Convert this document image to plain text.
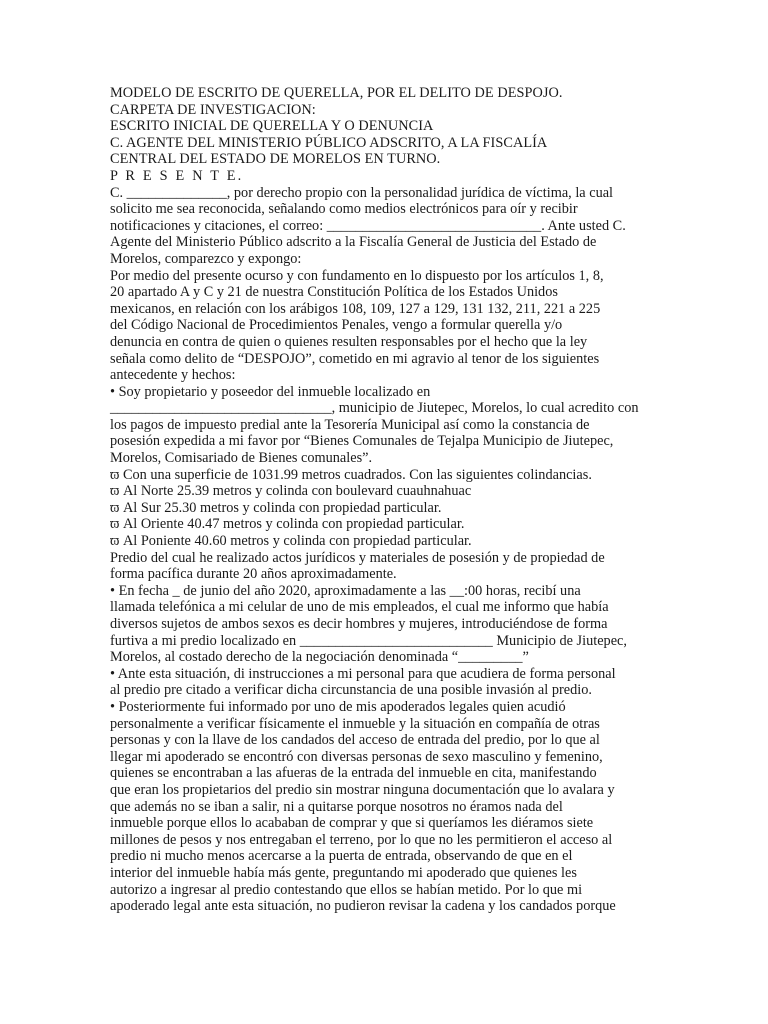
MODELO DE ESCRITO DE QUERELLA, POR EL DELITO DE DESPOJO.
CARPETA DE INVESTIGACION:
ESCRITO INICIAL DE QUERELLA Y O DENUNCIA
C. AGENTE DEL MINISTERIO PÚBLICO ADSCRITO, A LA FISCALÍA
CENTRAL DEL ESTADO DE MORELOS EN TURNO.
P R E S E N T E.
C. ______________, por derecho propio con la personalidad jurídica de víctima, la cual
solicito me sea reconocida, señalando como medios electrónicos para oír y recibir
notificaciones y citaciones, el correo: ______________________________. Ante usted C.
Agente del Ministerio Público adscrito a la Fiscalía General de Justicia del Estado de
Morelos, comparezco y expongo:
Por medio del presente ocurso y con fundamento en lo dispuesto por los artículos 1, 8,
20 apartado A y C y 21 de nuestra Constitución Política de los Estados Unidos
mexicanos, en relación con los arábigos 108, 109, 127 a 129, 131 132, 211, 221 a 225
del Código Nacional de Procedimientos Penales, vengo a formular querella y/o
denuncia en contra de quien o quienes resulten responsables por el hecho que la ley
señala como delito de “DESPOJO”, cometido en mi agravio al tenor de los siguientes
antecedente y hechos:
• Soy propietario y poseedor del inmueble localizado en
_______________________________, municipio de Jiutepec, Morelos, lo cual acredito con
los pagos de impuesto predial ante la Tesorería Municipal así como la constancia de
posesión expedida a mi favor por “Bienes Comunales de Tejalpa Municipio de Jiutepec,
Morelos, Comisariado de Bienes comunales”.
ϖ Con una superficie de 1031.99 metros cuadrados. Con las siguientes colindancias.
ϖ Al Norte 25.39 metros y colinda con boulevard cuauhnahuac
ϖ Al Sur 25.30 metros y colinda con propiedad particular.
ϖ Al Oriente 40.47 metros y colinda con propiedad particular.
ϖ Al Poniente 40.60 metros y colinda con propiedad particular.
Predio del cual he realizado actos jurídicos y materiales de posesión y de propiedad de
forma pacífica durante 20 años aproximadamente.
• En fecha _ de junio del año 2020, aproximadamente a las __:00 horas, recibí una
llamada telefónica a mi celular de uno de mis empleados, el cual me informo que había
diversos sujetos de ambos sexos es decir hombres y mujeres, introduciéndose de forma
furtiva a mi predio localizado en ___________________________ Municipio de Jiutepec,
Morelos, al costado derecho de la negociación denominada “_________”
• Ante esta situación, di instrucciones a mi personal para que acudiera de forma personal
al predio pre citado a verificar dicha circunstancia de una posible invasión al predio.
• Posteriormente fui informado por uno de mis apoderados legales quien acudió
personalmente a verificar físicamente el inmueble y la situación en compañía de otras
personas y con la llave de los candados del acceso de entrada del predio, por lo que al
llegar mi apoderado se encontró con diversas personas de sexo masculino y femenino,
quienes se encontraban a las afueras de la entrada del inmueble en cita, manifestando
que eran los propietarios del predio sin mostrar ninguna documentación que lo avalara y
que además no se iban a salir, ni a quitarse porque nosotros no éramos nada del
inmueble porque ellos lo acababan de comprar y que si queríamos les diéramos siete
millones de pesos y nos entregaban el terreno, por lo que no les permitieron el acceso al
predio ni mucho menos acercarse a la puerta de entrada, observando de que en el
interior del inmueble había más gente, preguntando mi apoderado que quienes les
autorizo a ingresar al predio contestando que ellos se habían metido. Por lo que mi
apoderado legal ante esta situación, no pudieron revisar la cadena y los candados porque
